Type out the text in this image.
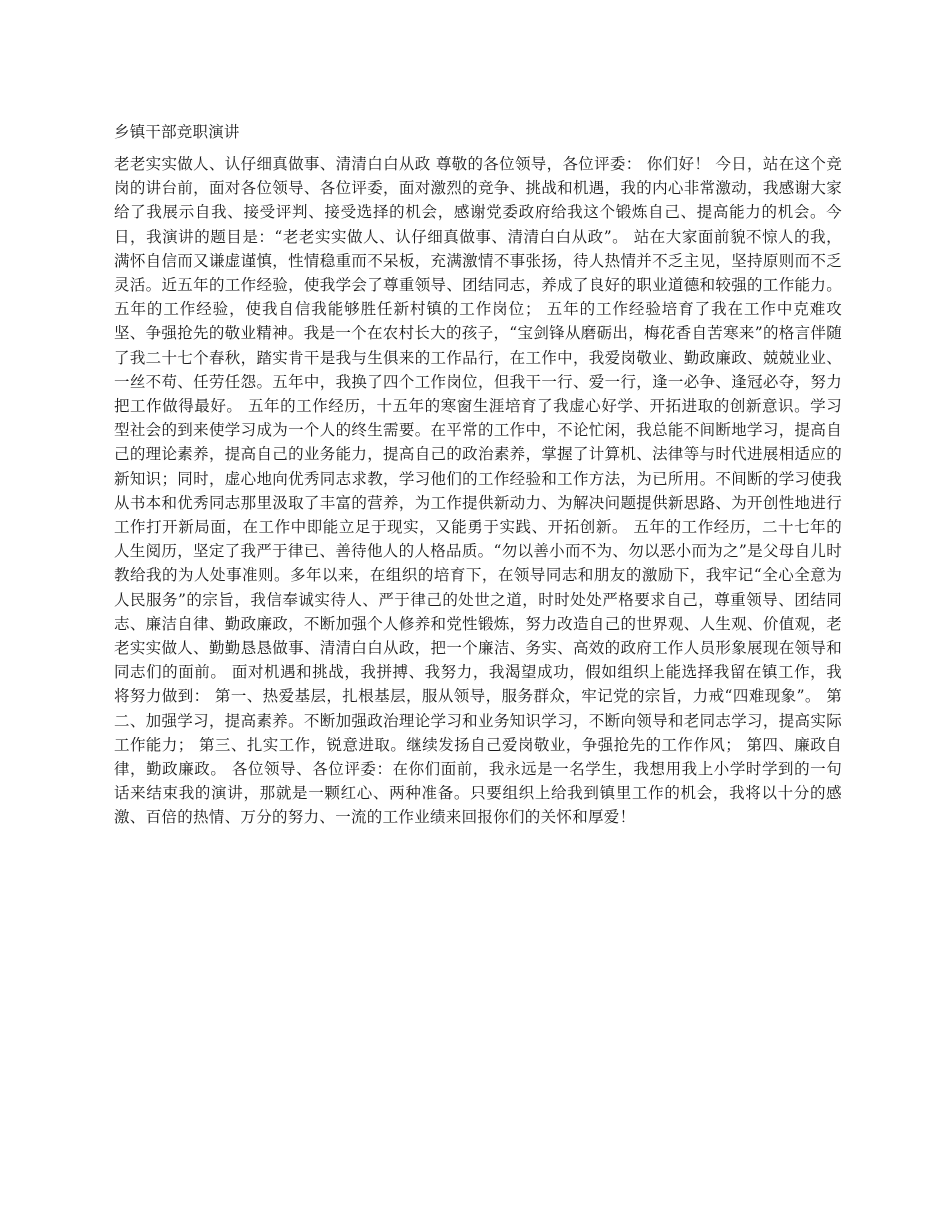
乡镇干部竞职演讲

老老实实做人、认仔细真做事、清清白白从政 尊敬的各位领导，各位评委： 你们好！ 今日，站在这个竞岗的讲台前，面对各位领导、各位评委，面对激烈的竞争、挑战和机遇，我的内心非常激动，我感谢大家给了我展示自我、接受评判、接受选择的机会，感谢党委政府给我这个锻炼自己、提高能力的机会。今日，我演讲的题目是：“老老实实做人、认仔细真做事、清清白白从政”。 站在大家面前貌不惊人的我，满怀自信而又谦虚谨慎，性情稳重而不呆板，充满激情不事张扬，待人热情并不乏主见，坚持原则而不乏灵活。近五年的工作经验，使我学会了尊重领导、团结同志，养成了良好的职业道德和较强的工作能力。五年的工作经验，使我自信我能够胜任新村镇的工作岗位； 五年的工作经验培育了我在工作中克难攻坚、争强抢先的敬业精神。我是一个在农村长大的孩子，“宝剑锋从磨砺出，梅花香自苦寒来”的格言伴随了我二十七个春秋，踏实肯干是我与生俱来的工作品行，在工作中，我爱岗敬业、勤政廉政、兢兢业业、一丝不苟、任劳任怨。五年中，我换了四个工作岗位，但我干一行、爱一行，逢一必争、逢冠必夺，努力把工作做得最好。 五年的工作经历，十五年的寒窗生涯培育了我虚心好学、开拓进取的创新意识。学习型社会的到来使学习成为一个人的终生需要。在平常的工作中，不论忙闲，我总能不间断地学习，提高自己的理论素养，提高自己的业务能力，提高自己的政治素养，掌握了计算机、法律等与时代进展相适应的新知识；同时，虚心地向优秀同志求教，学习他们的工作经验和工作方法，为已所用。不间断的学习使我从书本和优秀同志那里汲取了丰富的营养，为工作提供新动力、为解决问题提供新思路、为开创性地进行工作打开新局面，在工作中即能立足于现实，又能勇于实践、开拓创新。 五年的工作经历，二十七年的人生阅历，坚定了我严于律已、善待他人的人格品质。“勿以善小而不为、勿以恶小而为之”是父母自儿时教给我的为人处事准则。多年以来，在组织的培育下，在领导同志和朋友的激励下，我牢记“全心全意为人民服务”的宗旨，我信奉诚实待人、严于律己的处世之道，时时处处严格要求自己，尊重领导、团结同志、廉洁自律、勤政廉政，不断加强个人修养和党性锻炼，努力改造自己的世界观、人生观、价值观，老老实实做人、勤勤恳恳做事、清清白白从政，把一个廉洁、务实、高效的政府工作人员形象展现在领导和同志们的面前。 面对机遇和挑战，我拼搏、我努力，我渴望成功，假如组织上能选择我留在镇工作，我将努力做到： 第一、热爱基层，扎根基层，服从领导，服务群众，牢记党的宗旨，力戒“四难现象”。 第二、加强学习，提高素养。不断加强政治理论学习和业务知识学习，不断向领导和老同志学习，提高实际工作能力； 第三、扎实工作，锐意进取。继续发扬自己爱岗敬业，争强抢先的工作作风； 第四、廉政自律，勤政廉政。 各位领导、各位评委：在你们面前，我永远是一名学生，我想用我上小学时学到的一句话来结束我的演讲，那就是一颗红心、两种准备。只要组织上给我到镇里工作的机会，我将以十分的感激、百倍的热情、万分的努力、一流的工作业绩来回报你们的关怀和厚爱！
